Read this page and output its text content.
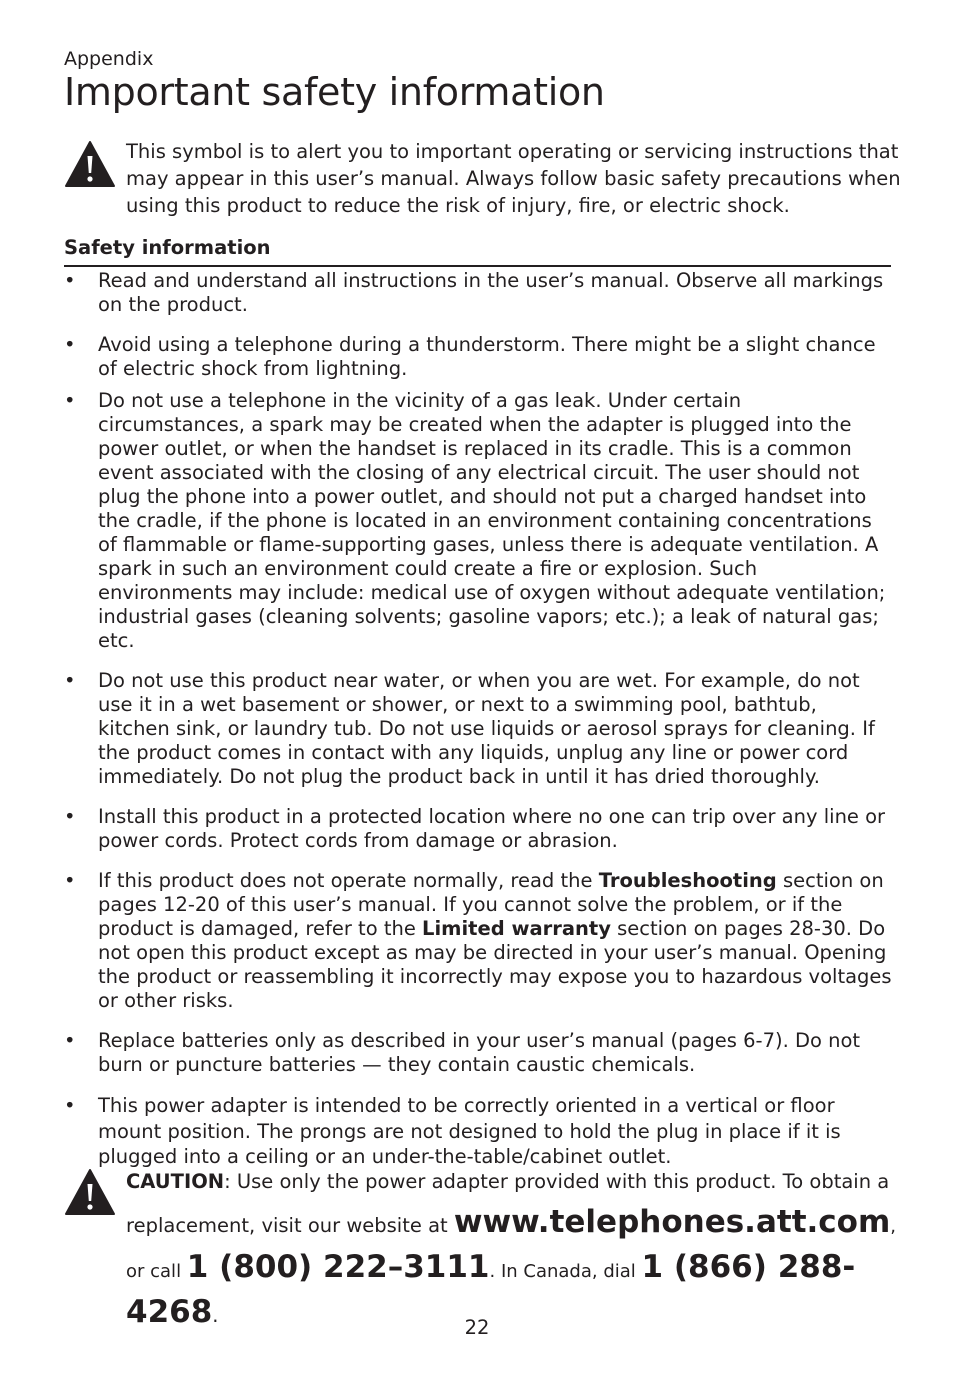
Appendix
Important safety information

This symbol is to alert you to important operating or servicing instructions that may appear in this user’s manual. Always follow basic safety precautions when using this product to reduce the risk of injury, fire, or electric shock.

Safety information
• Read and understand all instructions in the user’s manual. Observe all markings on the product.
• Avoid using a telephone during a thunderstorm. There might be a slight chance of electric shock from lightning.
• Do not use a telephone in the vicinity of a gas leak. Under certain circumstances, a spark may be created when the adapter is plugged into the power outlet, or when the handset is replaced in its cradle. This is a common event associated with the closing of any electrical circuit. The user should not plug the phone into a power outlet, and should not put a charged handset into the cradle, if the phone is located in an environment containing concentrations of flammable or flame-supporting gases, unless there is adequate ventilation. A spark in such an environment could create a fire or explosion. Such environments may include: medical use of oxygen without adequate ventilation; industrial gases (cleaning solvents; gasoline vapors; etc.); a leak of natural gas; etc.
• Do not use this product near water, or when you are wet. For example, do not use it in a wet basement or shower, or next to a swimming pool, bathtub, kitchen sink, or laundry tub. Do not use liquids or aerosol sprays for cleaning. If the product comes in contact with any liquids, unplug any line or power cord immediately. Do not plug the product back in until it has dried thoroughly.
• Install this product in a protected location where no one can trip over any line or power cords. Protect cords from damage or abrasion.
• If this product does not operate normally, read the Troubleshooting section on pages 12-20 of this user’s manual. If you cannot solve the problem, or if the product is damaged, refer to the Limited warranty section on pages 28-30. Do not open this product except as may be directed in your user’s manual. Opening the product or reassembling it incorrectly may expose you to hazardous voltages or other risks.
• Replace batteries only as described in your user’s manual (pages 6-7). Do not burn or puncture batteries — they contain caustic chemicals.
• This power adapter is intended to be correctly oriented in a vertical or floor mount position. The prongs are not designed to hold the plug in place if it is plugged into a ceiling or an under-the-table/cabinet outlet.

CAUTION: Use only the power adapter provided with this product. To obtain a replacement, visit our website at www.telephones.att.com, or call 1 (800) 222–3111. In Canada, dial 1 (866) 288-4268.

22
